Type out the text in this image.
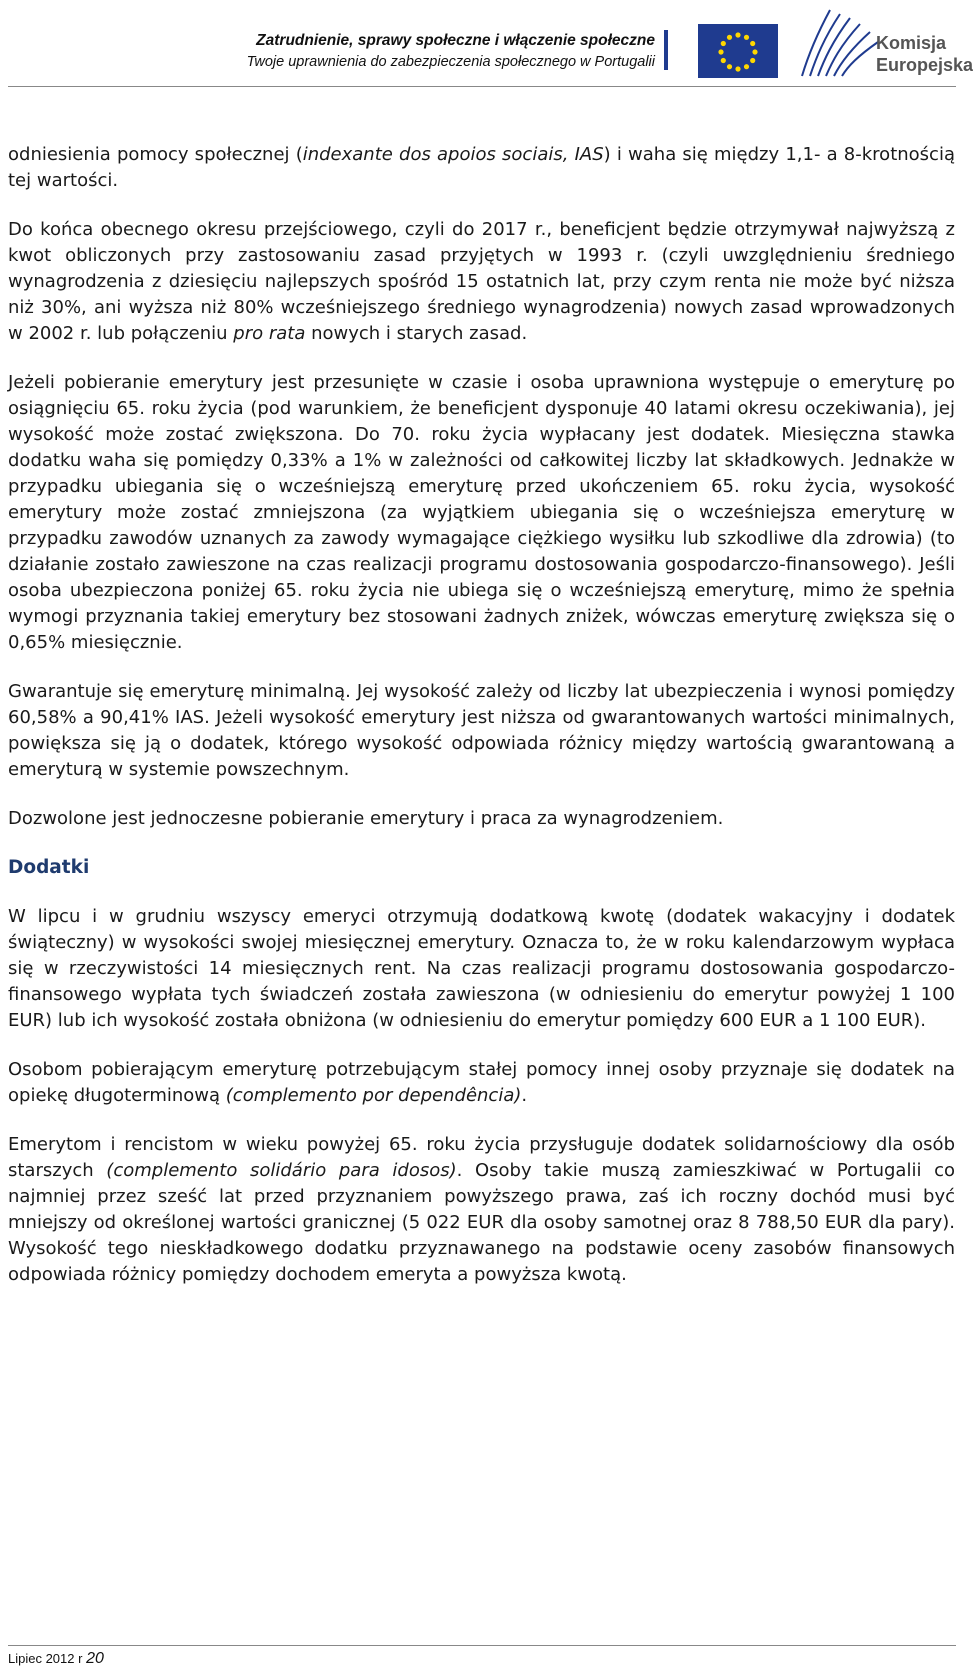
Zatrudnienie, sprawy społeczne i włączenie społeczne
Twoje uprawnienia do zabezpieczenia społecznego w Portugalii
Komisja
Europejska

odniesienia pomocy społecznej (indexante dos apoios sociais, IAS) i waha się między 1,1- a 8-krotnością tej wartości.

Do końca obecnego okresu przejściowego, czyli do 2017 r., beneficjent będzie otrzymywał najwyższą z kwot obliczonych przy zastosowaniu zasad przyjętych w 1993 r. (czyli uwzględnieniu średniego wynagrodzenia z dziesięciu najlepszych spośród 15 ostatnich lat, przy czym renta nie może być niższa niż 30%, ani wyższa niż 80% wcześniejszego średniego wynagrodzenia) nowych zasad wprowadzonych w 2002 r. lub połączeniu pro rata nowych i starych zasad.

Jeżeli pobieranie emerytury jest przesunięte w czasie i osoba uprawniona występuje o emeryturę po osiągnięciu 65. roku życia (pod warunkiem, że beneficjent dysponuje 40 latami okresu oczekiwania), jej wysokość może zostać zwiększona. Do 70. roku życia wypłacany jest dodatek. Miesięczna stawka dodatku waha się pomiędzy 0,33% a 1% w zależności od całkowitej liczby lat składkowych. Jednakże w przypadku ubiegania się o wcześniejszą emeryturę przed ukończeniem 65. roku życia, wysokość emerytury może zostać zmniejszona (za wyjątkiem ubiegania się o wcześniejsza emeryturę w przypadku zawodów uznanych za zawody wymagające ciężkiego wysiłku lub szkodliwe dla zdrowia) (to działanie zostało zawieszone na czas realizacji programu dostosowania gospodarczo-finansowego). Jeśli osoba ubezpieczona poniżej 65. roku życia nie ubiega się o wcześniejszą emeryturę, mimo że spełnia wymogi przyznania takiej emerytury bez stosowani żadnych zniżek, wówczas emeryturę zwiększa się o 0,65% miesięcznie.

Gwarantuje się emeryturę minimalną. Jej wysokość zależy od liczby lat ubezpieczenia i wynosi pomiędzy 60,58% a 90,41% IAS. Jeżeli wysokość emerytury jest niższa od gwarantowanych wartości minimalnych, powiększa się ją o dodatek, którego wysokość odpowiada różnicy między wartością gwarantowaną a emeryturą w systemie powszechnym.

Dozwolone jest jednoczesne pobieranie emerytury i praca za wynagrodzeniem.

Dodatki

W lipcu i w grudniu wszyscy emeryci otrzymują dodatkową kwotę (dodatek wakacyjny i dodatek świąteczny) w wysokości swojej miesięcznej emerytury. Oznacza to, że w roku kalendarzowym wypłaca się w rzeczywistości 14 miesięcznych rent. Na czas realizacji programu dostosowania gospodarczo-finansowego wypłata tych świadczeń została zawieszona (w odniesieniu do emerytur powyżej 1 100 EUR) lub ich wysokość została obniżona (w odniesieniu do emerytur pomiędzy 600 EUR a 1 100 EUR).

Osobom pobierającym emeryturę potrzebującym stałej pomocy innej osoby przyznaje się dodatek na opiekę długoterminową (complemento por dependência).

Emerytom i rencistom w wieku powyżej 65. roku życia przysługuje dodatek solidarnościowy dla osób starszych (complemento solidário para idosos). Osoby takie muszą zamieszkiwać w Portugalii co najmniej przez sześć lat przed przyznaniem powyższego prawa, zaś ich roczny dochód musi być mniejszy od określonej wartości granicznej (5 022 EUR dla osoby samotnej oraz 8 788,50 EUR dla pary). Wysokość tego nieskładkowego dodatku przyznawanego na podstawie oceny zasobów finansowych odpowiada różnicy pomiędzy dochodem emeryta a powyższa kwotą.

Lipiec 2012 r 20
